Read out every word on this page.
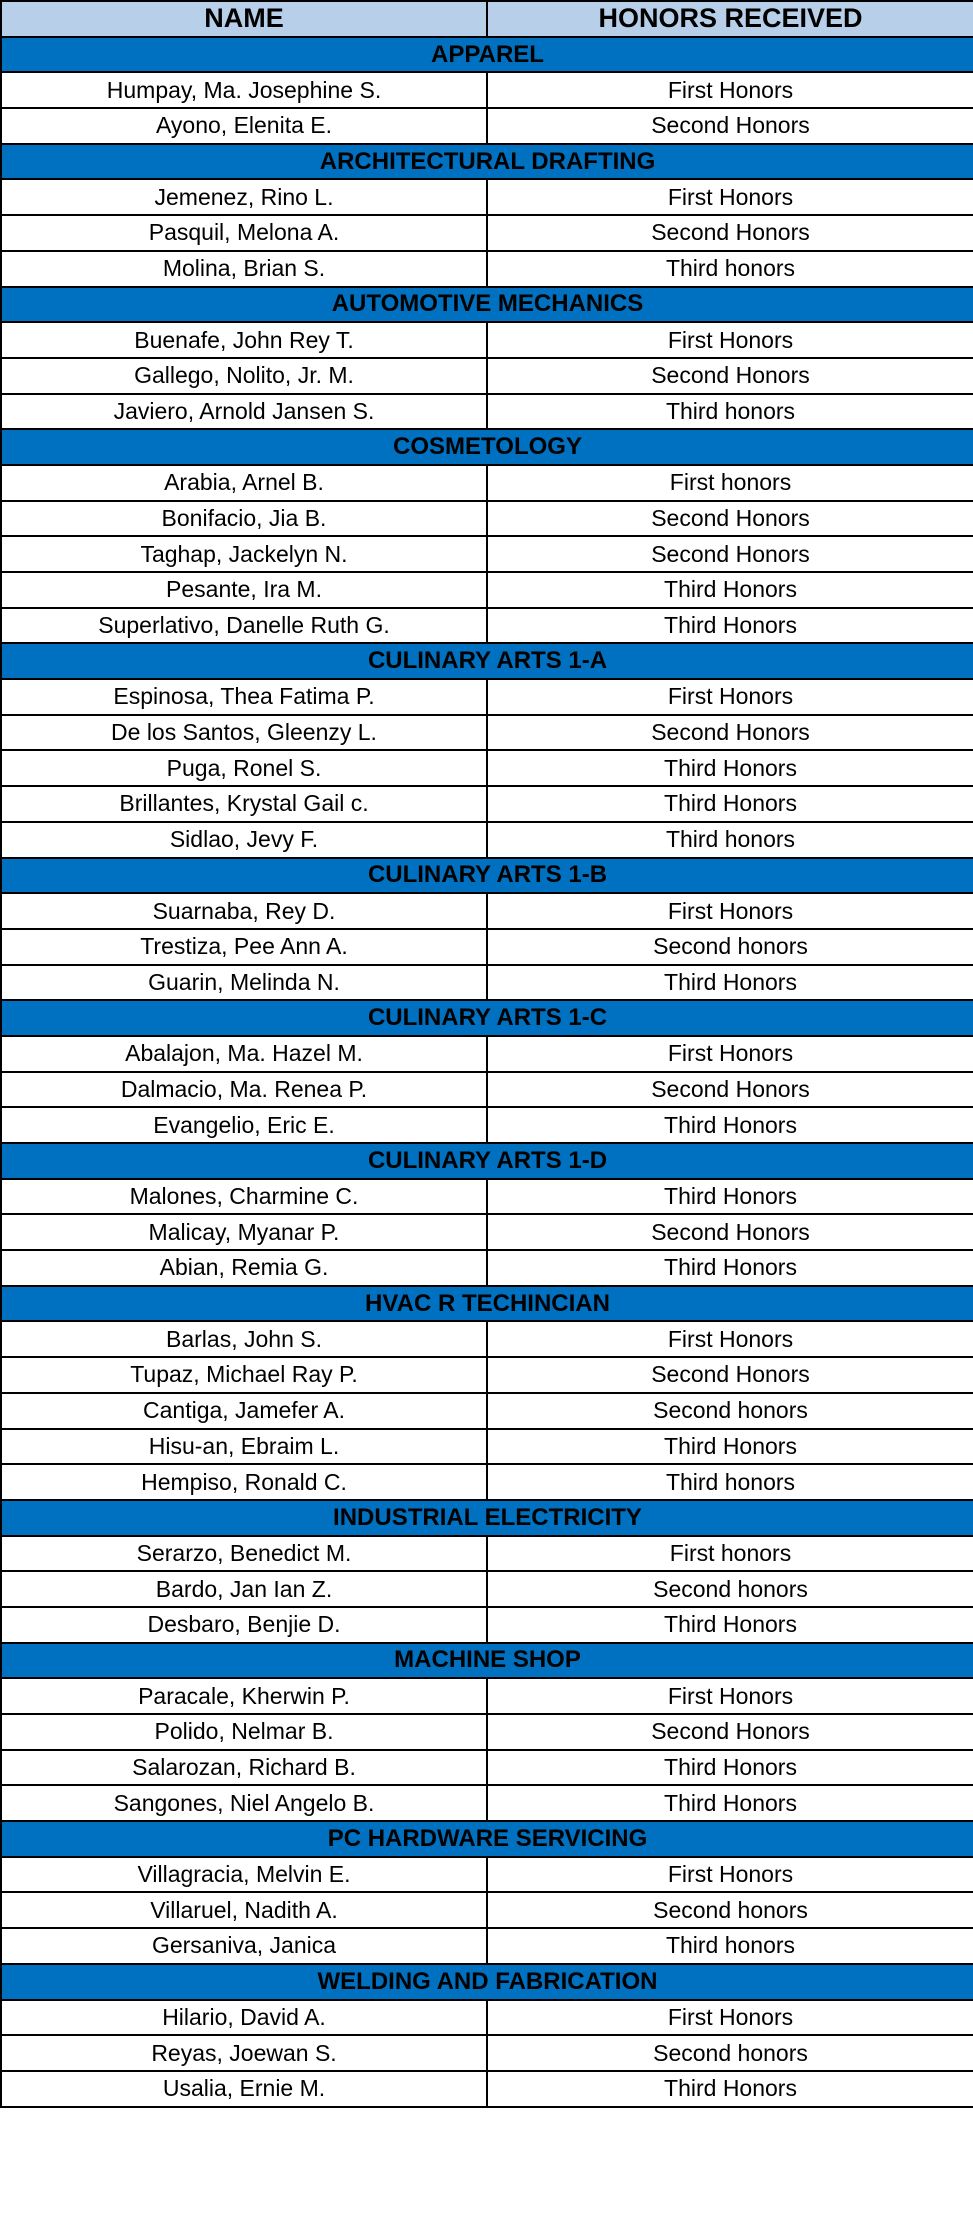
NAME	HONORS RECEIVED
APPAREL	
Humpay, Ma. Josephine S.	First Honors
Ayono, Elenita E.	Second Honors
ARCHITECTURAL DRAFTING	
Jemenez, Rino L.	First Honors
Pasquil, Melona A.	Second Honors
Molina, Brian S.	Third honors
AUTOMOTIVE MECHANICS	
Buenafe, John Rey T.	First Honors
Gallego, Nolito, Jr. M.	Second Honors
Javiero, Arnold Jansen S.	Third honors
COSMETOLOGY	
Arabia, Arnel B.	First honors
Bonifacio, Jia B.	Second Honors
Taghap, Jackelyn N.	Second Honors
Pesante, Ira M.	Third Honors
Superlativo, Danelle Ruth G.	Third Honors
CULINARY ARTS 1-A	
Espinosa, Thea Fatima P.	First Honors
De los Santos, Gleenzy L.	Second Honors
Puga, Ronel S.	Third Honors
Brillantes, Krystal Gail c.	Third Honors
Sidlao, Jevy F.	Third honors
CULINARY ARTS 1-B	
Suarnaba, Rey D.	First Honors
Trestiza, Pee Ann A.	Second honors
Guarin, Melinda N.	Third Honors
CULINARY ARTS 1-C	
Abalajon, Ma. Hazel M.	First Honors
Dalmacio, Ma. Renea P.	Second Honors
Evangelio, Eric E.	Third Honors
CULINARY ARTS 1-D	
Malones, Charmine C.	Third Honors
Malicay, Myanar P.	Second Honors
Abian, Remia G.	Third Honors
HVAC R TECHINCIAN	
Barlas, John S.	First Honors
Tupaz, Michael Ray P.	Second Honors
Cantiga, Jamefer A.	Second honors
Hisu-an, Ebraim L.	Third Honors
Hempiso, Ronald C.	Third honors
INDUSTRIAL ELECTRICITY	
Serarzo, Benedict M.	First honors
Bardo, Jan Ian Z.	Second honors
Desbaro, Benjie D.	Third Honors
MACHINE SHOP	
Paracale, Kherwin P.	First Honors
Polido, Nelmar B.	Second Honors
Salarozan, Richard B.	Third Honors
Sangones, Niel Angelo B.	Third Honors
PC HARDWARE SERVICING	
Villagracia, Melvin E.	First Honors
Villaruel, Nadith A.	Second honors
Gersaniva, Janica	Third honors
WELDING AND FABRICATION	
Hilario, David A.	First Honors
Reyas, Joewan S.	Second honors
Usalia, Ernie M.	Third Honors
